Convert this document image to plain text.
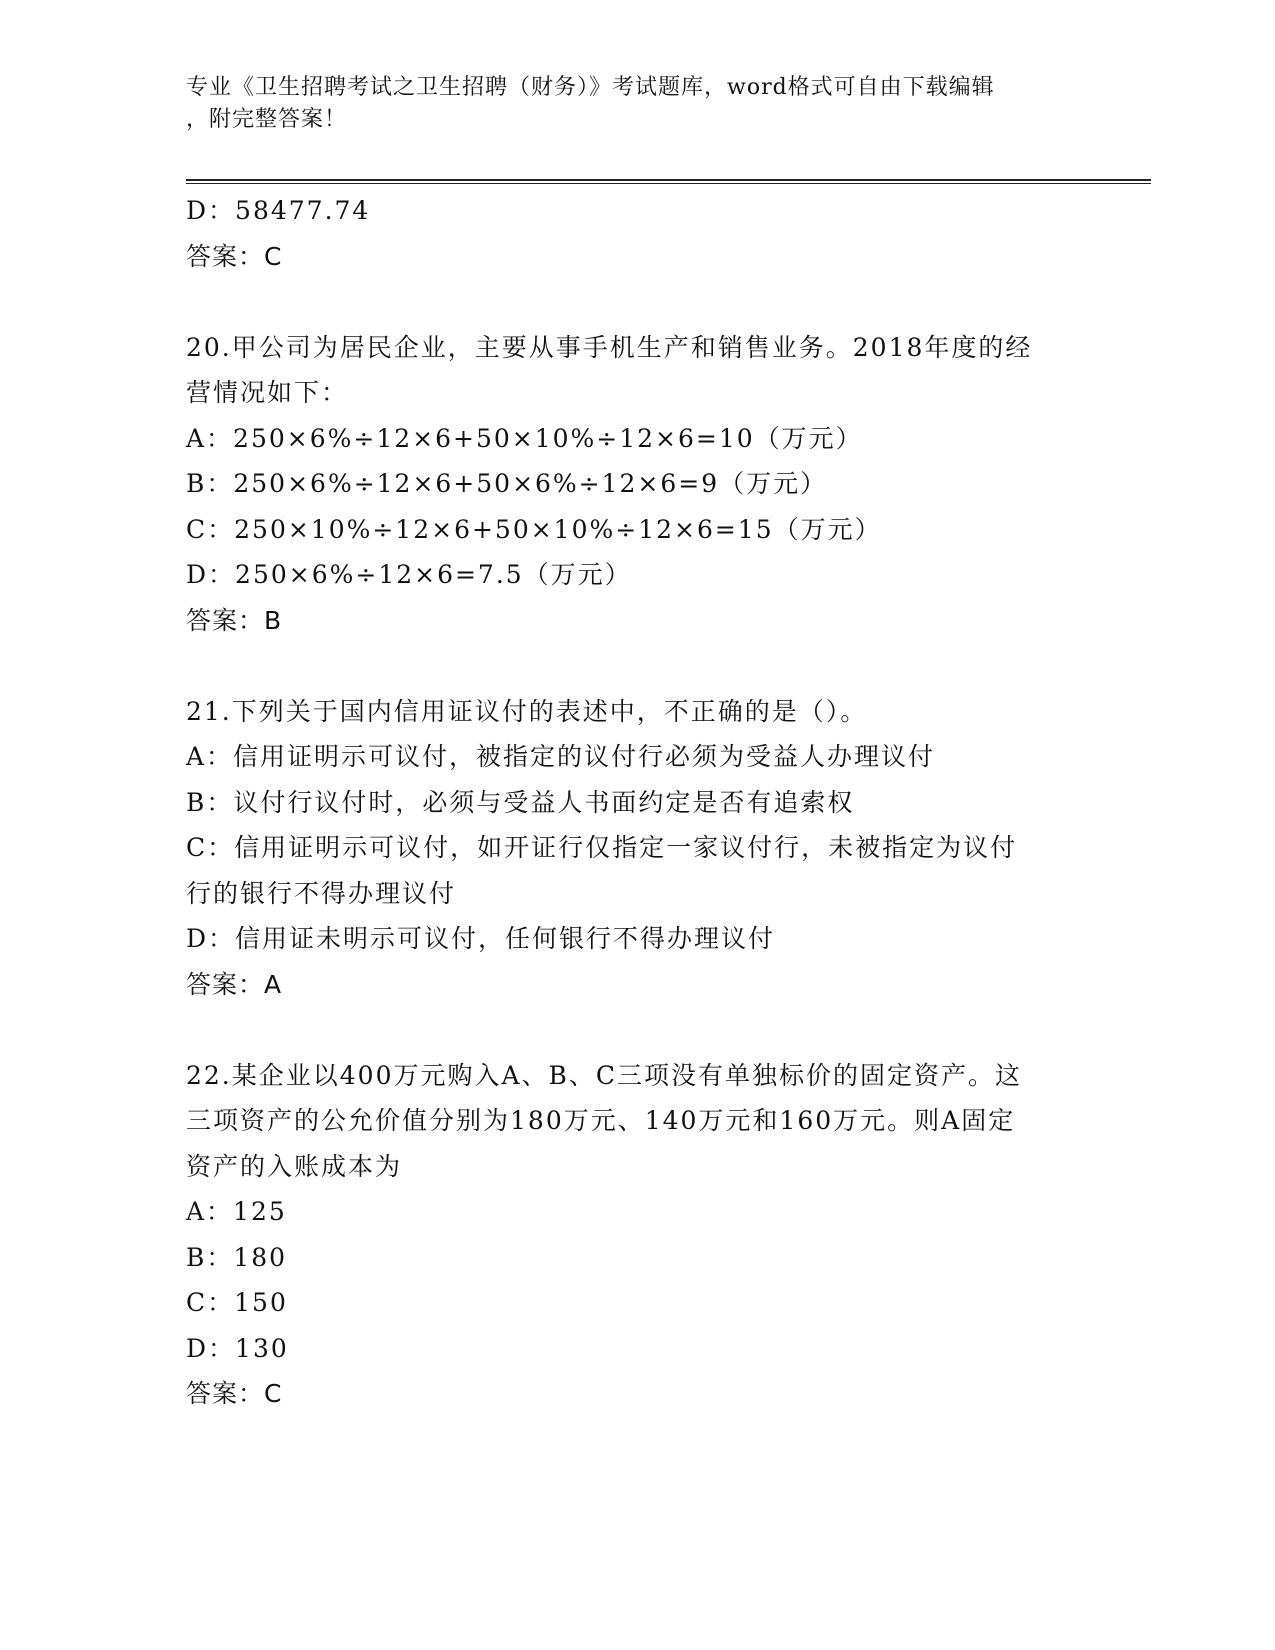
专业《卫生招聘考试之卫生招聘（财务）》考试题库，word格式可自由下载编辑
，附完整答案！
D：58477.74
答案：C
20.甲公司为居民企业，主要从事手机生产和销售业务。2018年度的经
营情况如下：
A：250×6%÷12×6+50×10%÷12×6=10（万元）
B：250×6%÷12×6+50×6%÷12×6=9（万元）
C：250×10%÷12×6+50×10%÷12×6=15（万元）
D：250×6%÷12×6=7.5（万元）
答案：B
21.下列关于国内信用证议付的表述中，不正确的是（）。
A：信用证明示可议付，被指定的议付行必须为受益人办理议付
B：议付行议付时，必须与受益人书面约定是否有追索权
C：信用证明示可议付，如开证行仅指定一家议付行，未被指定为议付
行的银行不得办理议付
D：信用证未明示可议付，任何银行不得办理议付
答案：A
22.某企业以400万元购入A、B、C三项没有单独标价的固定资产。这
三项资产的公允价值分别为180万元、140万元和160万元。则A固定
资产的入账成本为
A：125
B：180
C：150
D：130
答案：C
